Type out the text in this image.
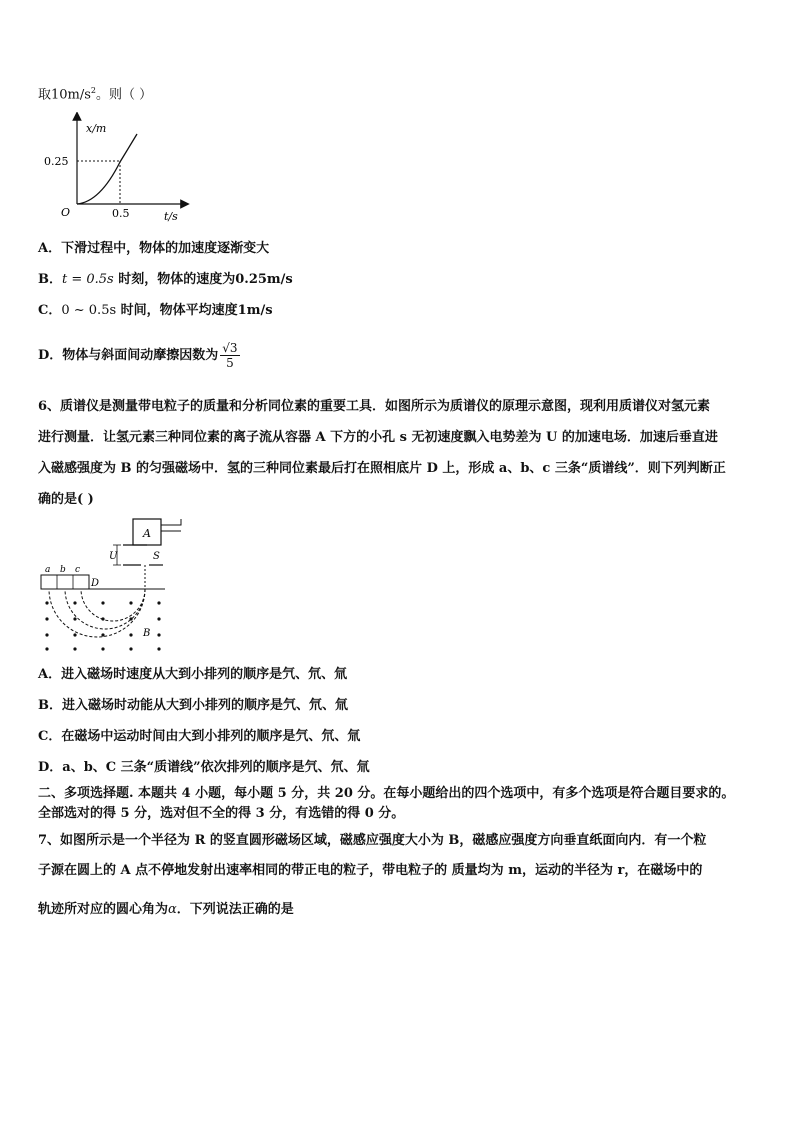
取$10m/s^2$。则（ ）
x/m
0.25
O	0.5	t/s
A．下滑过程中，物体的加速度逐渐变大
B．t = 0.5s 时刻，物体的速度为0.25m/s
C．0 ~ 0.5s 时间，物体平均速度1m/s
D．物体与斜面间动摩擦因数为 $\frac{√3}{5}$
6、质谱仪是测量带电粒子的质量和分析同位素的重要工具．如图所示为质谱仪的原理示意图，现利用质谱仪对氢元素
进行测量．让氢元素三种同位素的离子流从容器 A 下方的小孔 s 无初速度飘入电势差为 U 的加速电场．加速后垂直进
入磁感强度为 B 的匀强磁场中．氢的三种同位素最后打在照相底片 D 上，形成 a、b、c 三条“质谱线”．则下列判断正
确的是( )
A
U	S
a b c
D
B
A．进入磁场时速度从大到小排列的顺序是氕、氘、氚
B．进入磁场时动能从大到小排列的顺序是氕、氘、氚
C．在磁场中运动时间由大到小排列的顺序是氕、氘、氚
D．a、b、C 三条“质谱线”依次排列的顺序是氕、氘、氚
二、多项选择题. 本题共 4 小题，每小题 5 分，共 20 分。在每小题给出的四个选项中，有多个选项是符合题目要求的。
全部选对的得 5 分，选对但不全的得 3 分，有选错的得 0 分。
7、如图所示是一个半径为 R 的竖直圆形磁场区域，磁感应强度大小为 B，磁感应强度方向垂直纸面向内．有一个粒
子源在圆上的 A 点不停地发射出速率相同的带正电的粒子，带电粒子的 质量均为 m，运动的半径为 r，在磁场中的
轨迹所对应的圆心角为α．下列说法正确的是
